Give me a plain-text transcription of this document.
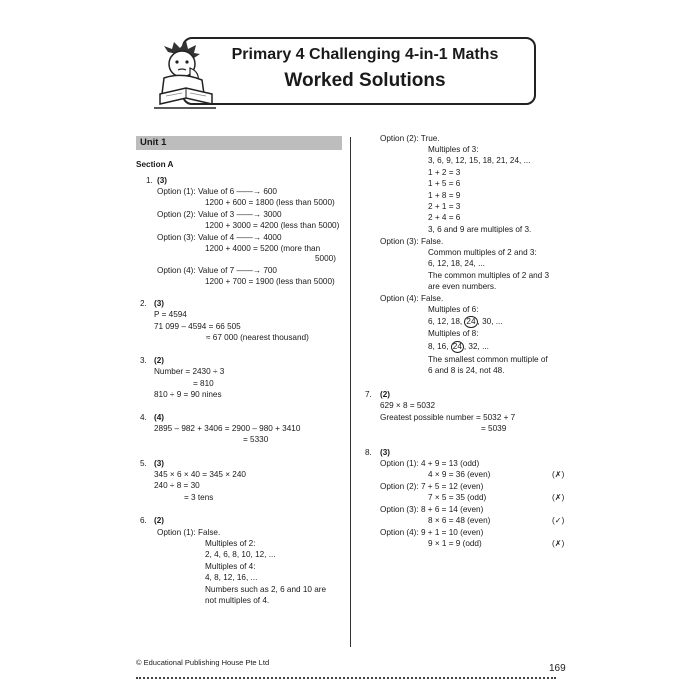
Primary 4 Challenging 4-in-1 Maths
Worked Solutions
Unit 1
Section A
1. (3)
Option (1): Value of 6 ——→ 600
1200 + 600 = 1800 (less than 5000)
Option (2): Value of 3 ——→ 3000
1200 + 3000 = 4200 (less than 5000)
Option (3): Value of 4 ——→ 4000
1200 + 4000 = 5200 (more than
5000)
Option (4): Value of 7 ——→ 700
1200 + 700 = 1900 (less than 5000)
2. (3)
P = 4594
71 099 – 4594 = 66 505
≈ 67 000 (nearest thousand)
3. (2)
Number = 2430 ÷ 3
= 810
810 ÷ 9 = 90 nines
4. (4)
2895 – 982 + 3406 = 2900 – 980 + 3410
= 5330
5. (3)
345 × 6 × 40 = 345 × 240
240 ÷ 8 = 30
= 3 tens
6. (2)
Option (1): False.
Multiples of 2:
2, 4, 6, 8, 10, 12, ...
Multiples of 4:
4, 8, 12, 16, ...
Numbers such as 2, 6 and 10 are
not multiples of 4.
Option (2): True.
Multiples of 3:
3, 6, 9, 12, 15, 18, 21, 24, ...
1 + 2 = 3
1 + 5 = 6
1 + 8 = 9
2 + 1 = 3
2 + 4 = 6
3, 6 and 9 are multiples of 3.
Option (3): False.
Common multiples of 2 and 3:
6, 12, 18, 24, ...
The common multiples of 2 and 3
are even numbers.
Option (4): False.
Multiples of 6:
Multiples of 8:
The smallest common multiple of
6 and 8 is 24, not 48.
7. (2)
629 × 8 = 5032
Greatest possible number = 5032 + 7
= 5039
8. (3)
Option (1): 4 + 9 = 13 (odd)
4 × 9 = 36 (even)	(✗)
Option (2): 7 + 5 = 12 (even)
7 × 5 = 35 (odd)	(✗)
Option (3): 8 + 6 = 14 (even)
8 × 6 = 48 (even)	(✓)
Option (4): 9 + 1 = 10 (even)
9 × 1 = 9 (odd)	(✗)
6, 12, 18, 24 , 30, ...
8, 16, 24 , 32, ...
© Educational Publishing House Pte Ltd
169
